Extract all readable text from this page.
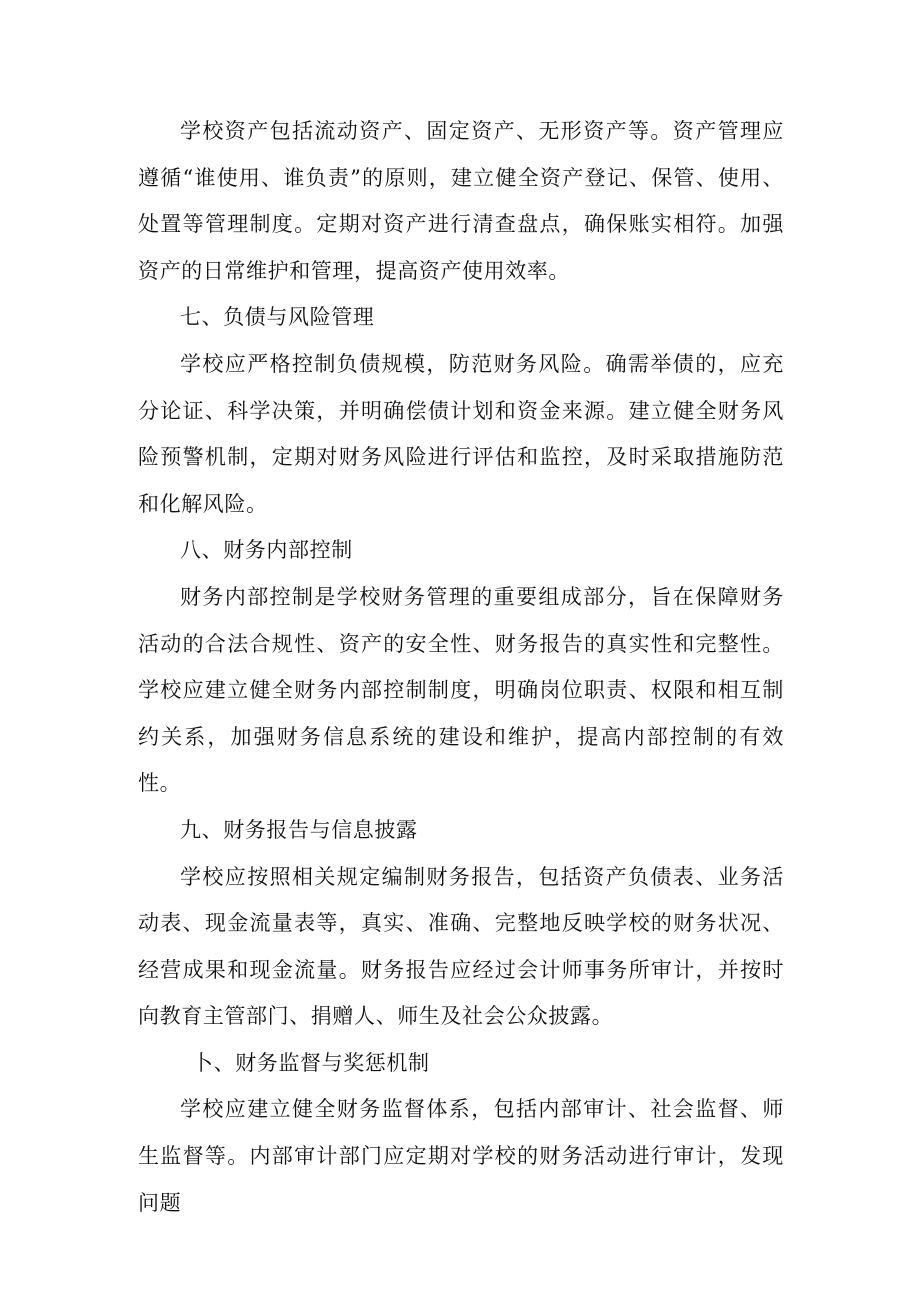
学校资产包括流动资产、固定资产、无形资产等。资产管理应遵循“谁使用、谁负责”的原则，建立健全资产登记、保管、使用、处置等管理制度。定期对资产进行清查盘点，确保账实相符。加强资产的日常维护和管理，提高资产使用效率。

七、负债与风险管理

学校应严格控制负债规模，防范财务风险。确需举债的，应充分论证、科学决策，并明确偿债计划和资金来源。建立健全财务风险预警机制，定期对财务风险进行评估和监控，及时采取措施防范和化解风险。

八、财务内部控制

财务内部控制是学校财务管理的重要组成部分，旨在保障财务活动的合法合规性、资产的安全性、财务报告的真实性和完整性。学校应建立健全财务内部控制制度，明确岗位职责、权限和相互制约关系，加强财务信息系统的建设和维护，提高内部控制的有效性。

九、财务报告与信息披露

学校应按照相关规定编制财务报告，包括资产负债表、业务活动表、现金流量表等，真实、准确、完整地反映学校的财务状况、经营成果和现金流量。财务报告应经过会计师事务所审计，并按时向教育主管部门、捐赠人、师生及社会公众披露。

卜、财务监督与奖惩机制

学校应建立健全财务监督体系，包括内部审计、社会监督、师生监督等。内部审计部门应定期对学校的财务活动进行审计，发现问题
